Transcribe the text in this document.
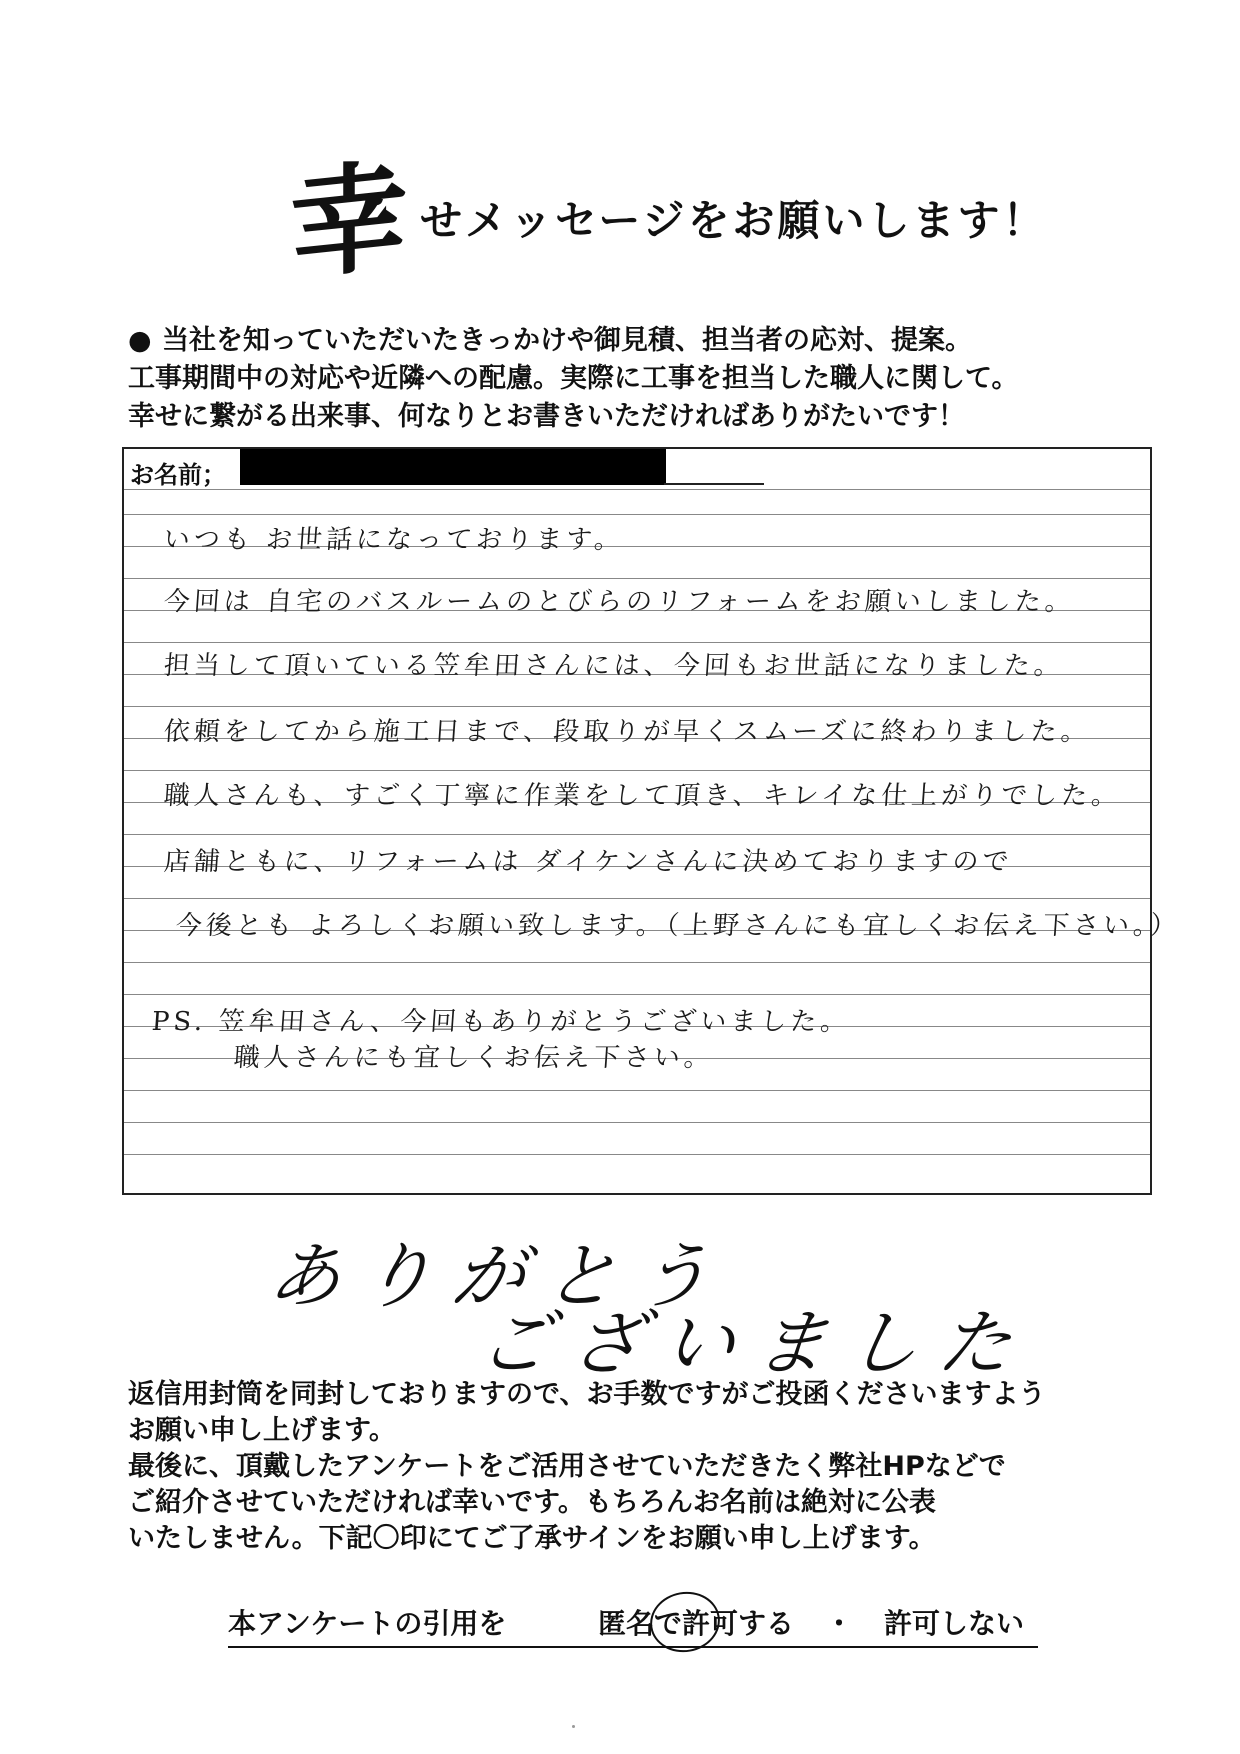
幸 せメッセージをお願いします！
● 当社を知っていただいたきっかけや御見積、担当者の応対、提案。
工事期間中の対応や近隣への配慮。実際に工事を担当した職人に関して。
幸せに繋がる出来事、何なりとお書きいただければありがたいです！
お名前；
いつも お世話になっております。
今回は 自宅のバスルームのとびらのリフォームをお願いしました。
担当して頂いている笠牟田さんには、今回もお世話になりました。
依頼をしてから施工日まで、段取りが早くスムーズに終わりました。
職人さんも、すごく丁寧に作業をして頂き、キレイな仕上がりでした。
店舗ともに、リフォームは ダイケンさんに決めておりますので
今後とも よろしくお願い致します。（上野さんにも宜しくお伝え下さい。）
PS. 笠牟田さん、今回もありがとうございました。
職人さんにも宜しくお伝え下さい。
ありがとう
ございました
返信用封筒を同封しておりますので、お手数ですがご投函くださいますよう
お願い申し上げます。
最後に、頂戴したアンケートをご活用させていただきたく弊社HPなどで
ご紹介させていただければ幸いです。もちろんお名前は絶対に公表
いたしません。下記〇印にてご了承サインをお願い申し上げます。
本アンケートの引用を	匿名で許可する	・	許可しない
